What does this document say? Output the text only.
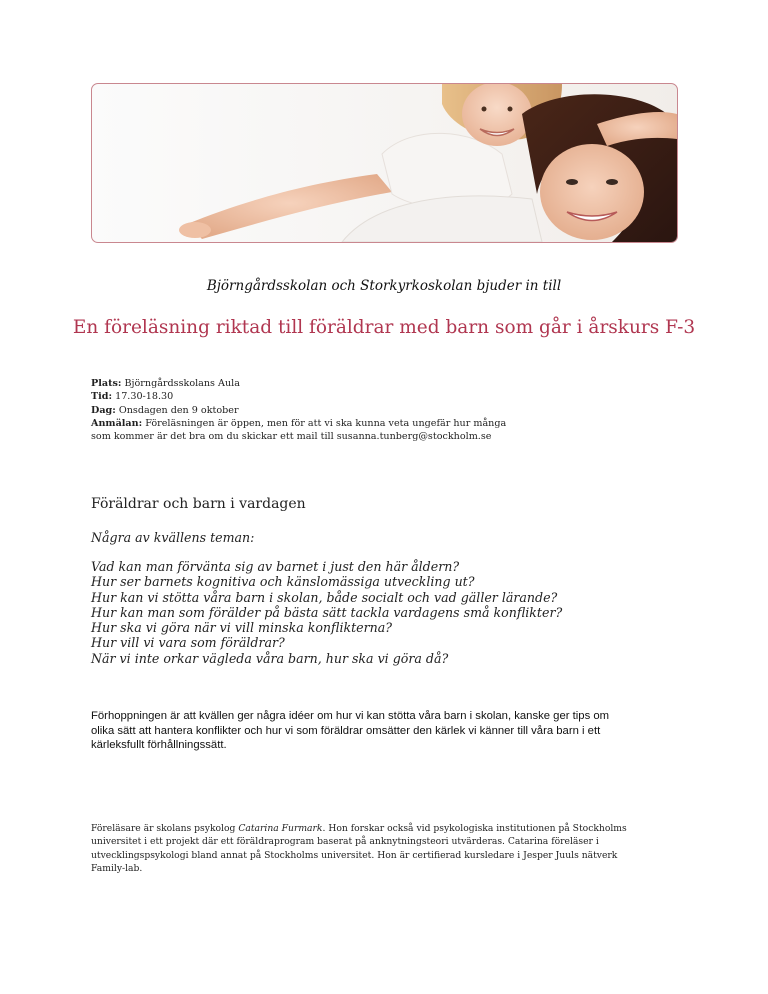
Björngårdsskolan och Storkyrkoskolan bjuder in till
En föreläsning riktad till föräldrar med barn som går i årskurs F-3
Plats: Björngårdsskolans Aula
Tid: 17.30-18.30
Dag: Onsdagen den 9 oktober
Anmälan: Föreläsningen är öppen, men för att vi ska kunna veta ungefär hur många
som kommer är det bra om du skickar ett mail till susanna.tunberg@stockholm.se
Föräldrar och barn i vardagen
Några av kvällens teman:
Vad kan man förvänta sig av barnet i just den här åldern?
Hur ser barnets kognitiva och känslomässiga utveckling ut?
Hur kan vi stötta våra barn i skolan, både socialt och vad gäller lärande?
Hur kan man som förälder på bästa sätt tackla vardagens små konflikter?
Hur ska vi göra när vi vill minska konflikterna?
Hur vill vi vara som föräldrar?
När vi inte orkar vägleda våra barn, hur ska vi göra då?
Förhoppningen är att kvällen ger några idéer om hur vi kan stötta våra barn i skolan, kanske ger tips om
olika sätt att hantera konflikter och hur vi som föräldrar omsätter den kärlek vi känner till våra barn i ett
kärleksfullt förhållningssätt.
Föreläsare är skolans psykolog Catarina Furmark. Hon forskar också vid psykologiska institutionen på Stockholms
universitet i ett projekt där ett föräldraprogram baserat på anknytningsteori utvärderas. Catarina föreläser i
utvecklingspsykologi bland annat på Stockholms universitet. Hon är certifierad kursledare i Jesper Juuls nätverk
Family-lab.
